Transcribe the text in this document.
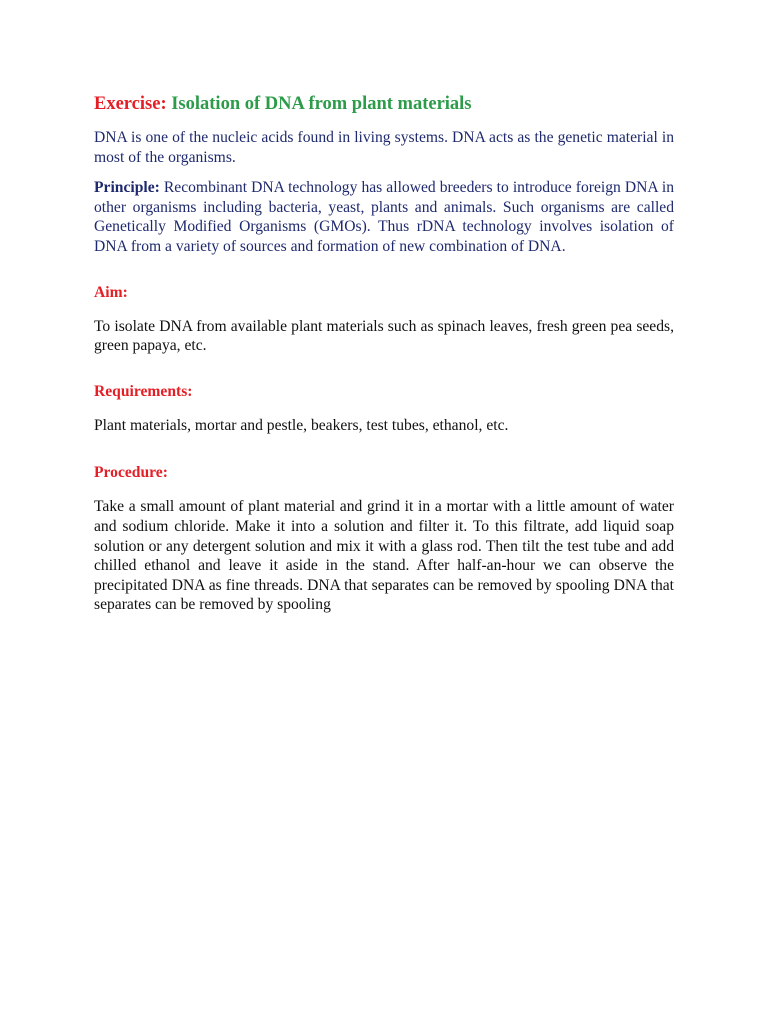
Exercise: Isolation of DNA from plant materials

DNA is one of the nucleic acids found in living systems. DNA acts as the genetic material in most of the organisms.

Principle: Recombinant DNA technology has allowed breeders to introduce foreign DNA in other organisms including bacteria, yeast, plants and animals. Such organisms are called Genetically Modified Organisms (GMOs). Thus rDNA technology involves isolation of DNA from a variety of sources and formation of new combination of DNA.

Aim:

To isolate DNA from available plant materials such as spinach leaves, fresh green pea seeds, green papaya, etc.

Requirements:

Plant materials, mortar and pestle, beakers, test tubes, ethanol, etc.

Procedure:

Take a small amount of plant material and grind it in a mortar with a little amount of water and sodium chloride. Make it into a solution and filter it. To this filtrate, add liquid soap solution or any detergent solution and mix it with a glass rod. Then tilt the test tube and add chilled ethanol and leave it aside in the stand. After half-an-hour we can observe the precipitated DNA as fine threads. DNA that separates can be removed by spooling DNA that separates can be removed by spooling
